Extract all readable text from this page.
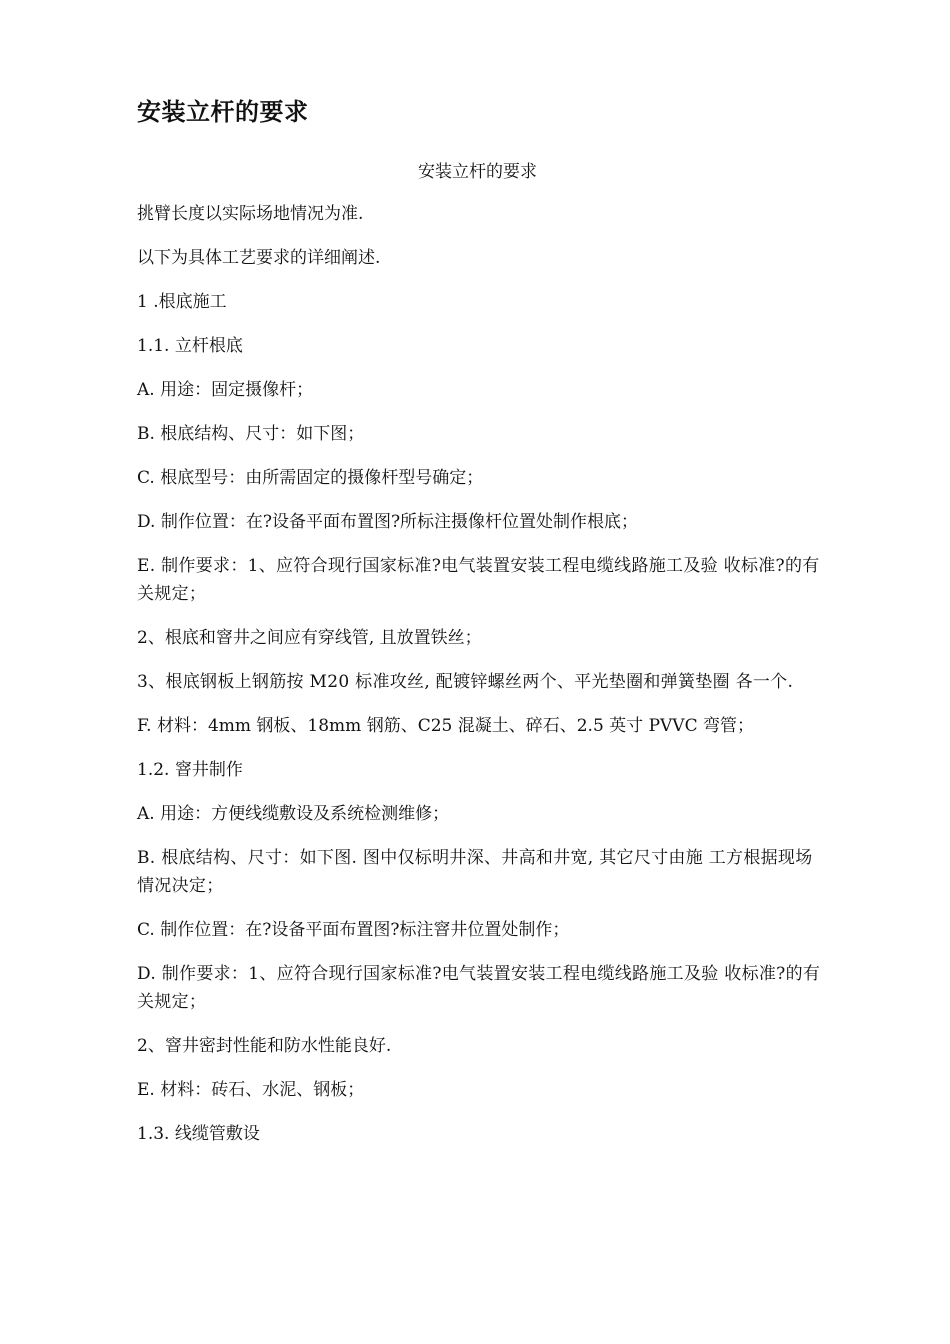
安装立杆的要求

安装立杆的要求

挑臂长度以实际场地情况为准.

以下为具体工艺要求的详细阐述.

1 .根底施工

1.1. 立杆根底

A. 用途：固定摄像杆；

B. 根底结构、尺寸：如下图；

C. 根底型号：由所需固定的摄像杆型号确定；

D. 制作位置：在?设备平面布置图?所标注摄像杆位置处制作根底；

E. 制作要求：1、应符合现行国家标准?电气装置安装工程电缆线路施工及验 收标准?的有关规定；

2、根底和窨井之间应有穿线管, 且放置铁丝；

3、根底钢板上钢筋按 M20 标准攻丝, 配镀锌螺丝两个、平光垫圈和弹簧垫圈 各一个.

F. 材料：4mm 钢板、18mm 钢筋、C25 混凝土、碎石、2.5 英寸 PVVC 弯管；

1.2. 窨井制作

A. 用途：方便线缆敷设及系统检测维修；

B. 根底结构、尺寸：如下图. 图中仅标明井深、井高和井宽, 其它尺寸由施 工方根据现场情况决定；

C. 制作位置：在?设备平面布置图?标注窨井位置处制作；

D. 制作要求：1、应符合现行国家标准?电气装置安装工程电缆线路施工及验 收标准?的有关规定；

2、窨井密封性能和防水性能良好.

E. 材料：砖石、水泥、钢板；

1.3. 线缆管敷设
